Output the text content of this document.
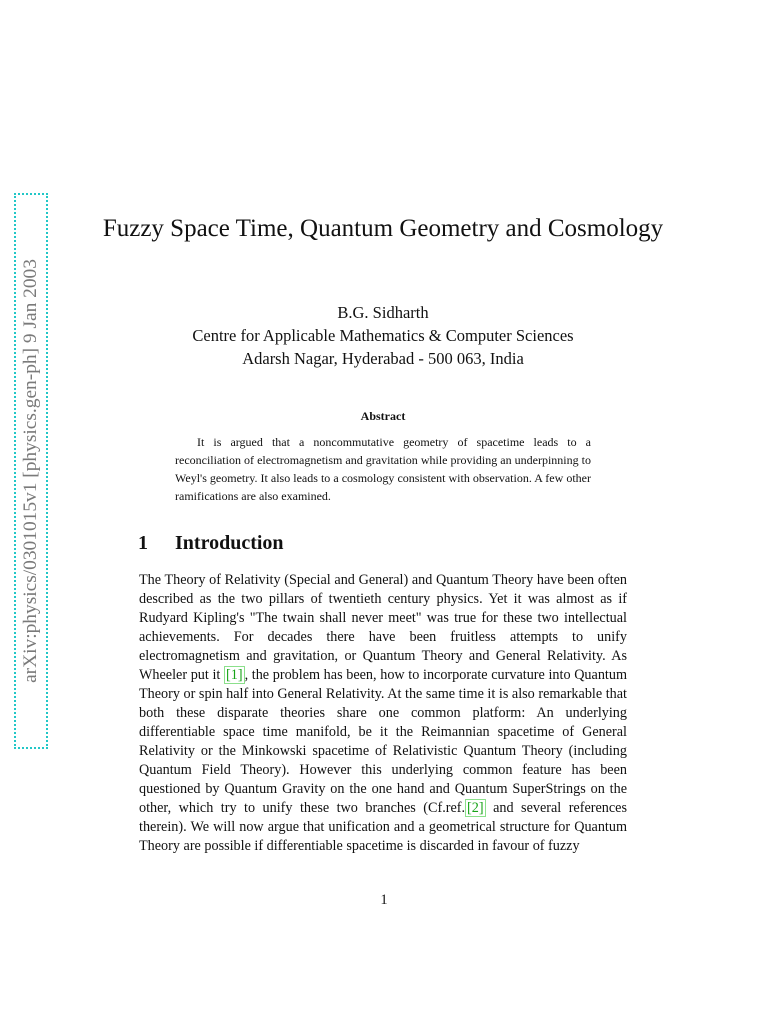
arXiv:physics/0301015v1 [physics.gen-ph] 9 Jan 2003
Fuzzy Space Time, Quantum Geometry and Cosmology
B.G. Sidharth
Centre for Applicable Mathematics & Computer Sciences
Adarsh Nagar, Hyderabad - 500 063, India
Abstract

It is argued that a noncommutative geometry of spacetime leads to a reconciliation of electromagnetism and gravitation while providing an underpinning to Weyl's geometry. It also leads to a cosmology consistent with observation. A few other ramifications are also examined.

1 Introduction

The Theory of Relativity (Special and General) and Quantum Theory have been often described as the two pillars of twentieth century physics. Yet it was almost as if Rudyard Kipling's "The twain shall never meet" was true for these two intellectual achievements. For decades there have been fruitless attempts to unify electromagnetism and gravitation, or Quantum Theory and General Relativity. As Wheeler put it [1] , the problem has been, how to incorporate curvature into Quantum Theory or spin half into General Relativity. At the same time it is also remarkable that both these disparate theories share one common platform: An underlying differentiable space time manifold, be it the Reimannian spacetime of General Relativity or the Minkowski spacetime of Relativistic Quantum Theory (including Quantum Field Theory). However this underlying common feature has been questioned by Quantum Gravity on the one hand and Quantum SuperStrings on the other, which try to unify these two branches (Cf.ref. [2] and several references therein). We will now argue that unification and a geometrical structure for Quantum Theory are possible if differentiable spacetime is discarded in favour of fuzzy

1
